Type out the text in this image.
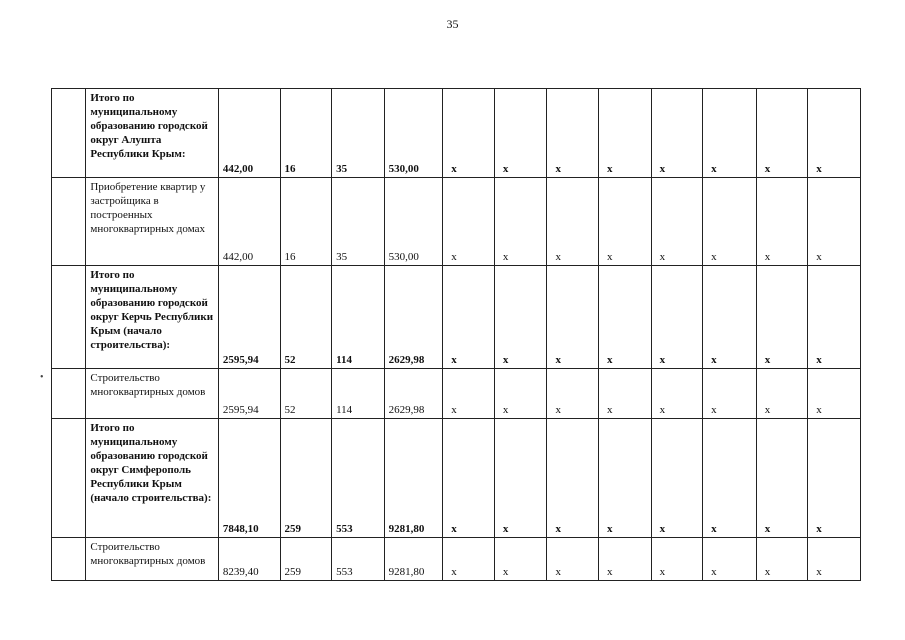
35
	Итого по муниципальному образованию городской округ Алушта Республики Крым:	442,00	16	35	530,00	х	х	х	х	х	х	х	х
	Приобретение квартир у застройщика в построенных многоквартирных домах	442,00	16	35	530,00	х	х	х	х	х	х	х	х
	Итого по муниципальному образованию городской округ Керчь Республики Крым (начало строительства):	2595,94	52	114	2629,98	х	х	х	х	х	х	х	х
	Строительство многоквартирных домов	2595,94	52	114	2629,98	х	х	х	х	х	х	х	х
	Итого по муниципальному образованию городской округ Симферополь Республики Крым (начало строительства):	7848,10	259	553	9281,80	х	х	х	х	х	х	х	х
	Строительство многоквартирных домов	8239,40	259	553	9281,80	х	х	х	х	х	х	х	х
•
